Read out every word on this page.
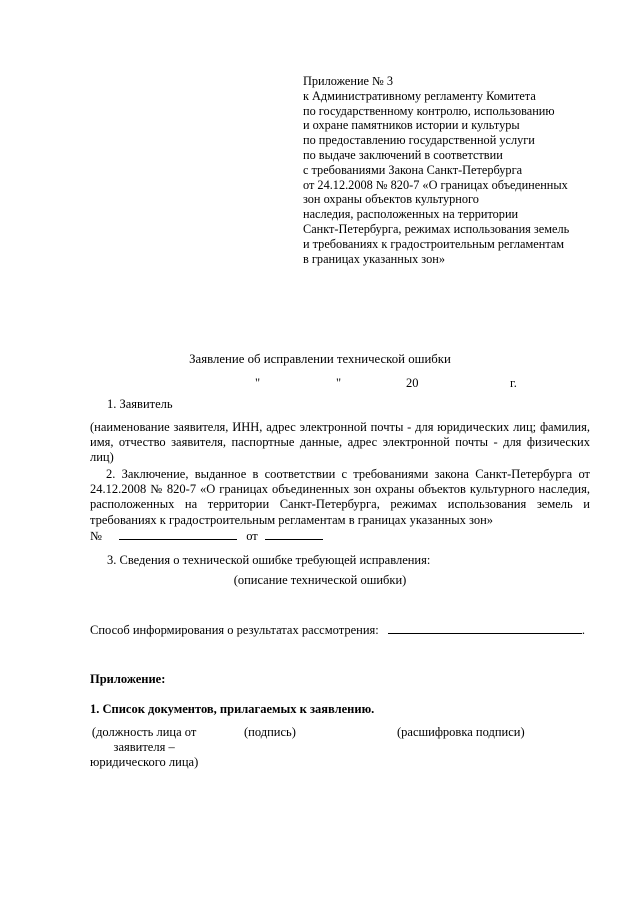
Приложение № 3
к Административному регламенту Комитета
по государственному контролю, использованию
и охране памятников истории и культуры
по предоставлению государственной услуги
по выдаче заключений в соответствии
с требованиями Закона Санкт-Петербурга
от 24.12.2008 № 820-7 «О границах объединенных
зон охраны объектов культурного
наследия, расположенных на территории
Санкт-Петербурга, режимах использования земель
и требованиях к градостроительным регламентам
в границах указанных зон»
Заявление об исправлении технической ошибки
"	"	20	г.
1. Заявитель
(наименование заявителя, ИНН, адрес электронной почты - для юридических лиц; фамилия, имя, отчество заявителя, паспортные данные, адрес электронной почты - для физических лиц)
2. Заключение, выданное в соответствии с требованиями закона Санкт-Петербурга от 24.12.2008 № 820-7 «О границах объединенных зон охраны объектов культурного наследия, расположенных на территории Санкт-Петербурга, режимах использования земель и требованиях к градостроительным регламентам в границах указанных зон»
№	от
3. Сведения о технической ошибке требующей исправления:
(описание технической ошибки)
Способ информирования о результатах рассмотрения:	.
Приложение:
1. Список документов, прилагаемых к заявлению.
(должность лица от
заявителя –
юридического лица)
(подпись)	(расшифровка подписи)
